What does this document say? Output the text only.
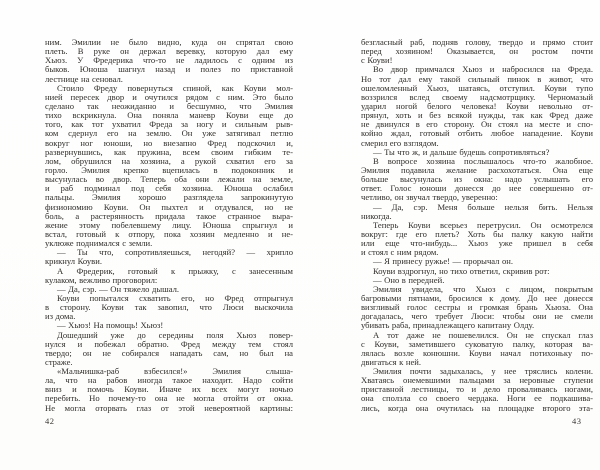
ним. Эмилии не было видно, куда он спрятал свою
плеть. В руке он держал веревку, которую дал ему
Хьюз. У Фредерика что-то не ладилось с одним из
быков. Юноша шагнул назад и полез по приставной
лестнице на сеновал.
Стоило Фреду повернуться спиной, как Коуви мол-
нией пересек двор и очутился рядом с ним. Это было
сделано так неожиданно и бесшумно, что Эмилия
тихо вскрикнула. Она поняла маневр Коуви еще до
того, как тот ухватил Фреда за ногу и сильным рыв-
ком сдернул его на землю. Он уже затягивал петлю
вокруг ног юноши, но внезапно Фред подскочил и,
развернувшись, как пружина, всем своим гибким те-
лом, обрушился на хозяина, а рукой схватил его за
горло. Эмилия крепко вцепилась в подоконник и
высунулась во двор. Теперь оба они лежали на земле,
и раб подминал под себя хозяина. Юноша ослабил
пальцы. Эмилия хорошо разглядела запрокинутую
физиономию Коуви. Он пыхтел и отдувался, но не
боль, а растерянность придала такое странное выра-
жение этому побелевшему лицу. Юноша спрыгнул и
встал, готовый к отпору, пока хозяин медленно и не-
уклюже поднимался с земли.
— Ты что, сопротивляешься, негодяй? — хрипло
крикнул Коуви.
А Фредерик, готовый к прыжку, с занесенным
кулаком, вежливо проговорил:
— Да, сэр. — Он тяжело дышал.
Коуви попытался схватить его, но Фред отпрыгнул
в сторону. Коуви так завопил, что Люси выскочила
из дома.
— Хьюз! На помощь! Хьюз!
Дошедший уже до середины поля Хьюз повер-
нулся и побежал обратно. Фред между тем стоял
твердо; он не собирался нападать сам, но был на
страже.
«Мальчишка-раб взбесился!» Эмилия слыша-
ла, что на рабов иногда такое находит. Надо сойти
вниз и помочь Коуви. Иначе их всех могут ночью
перебить. Но почему-то она не могла отойти от окна.
Не могла оторвать глаз от этой невероятной картины:
безгласный раб, подняв голову, твердо и прямо стоит
перед хозяином! Оказывается, он ростом почти
с Коуви!
Во двор примчался Хьюз и набросился на Фреда.
Но тот дал ему такой сильный пинок в живот, что
ошеломленный Хьюз, шатаясь, отступил. Коуви тупо
воззрился вслед своему надсмотрщику. Черномазый
ударил ногой белого человека! Коуви невольно от-
прянул, хоть и без всякой нужды, так как Фред даже
не двинулся в его сторону. Он стоял на месте и спо-
койно ждал, готовый отбить любое нападение. Коуви
смерил его взглядом.
— Ты что ж, и дальше будешь сопротивляться?
В вопросе хозяина послышалось что-то жалобное.
Эмилия подавила желание расхохотаться. Она еще
больше высунулась из окна: надо услышать его
ответ. Голос юноши донесся до нее совершенно от-
четливо, он звучал твердо, уверенно:
— Да, сэр. Меня больше нельзя бить. Нельзя
никогда.
Теперь Коуви всерьез перетрусил. Он осмотрелся
вокруг: где его плеть? Хоть бы палку какую найти
или еще что-нибудь... Хьюз уже пришел в себя
и стоял с ним рядом.
— Я принесу ружье! — прорычал он.
Коуви вздрогнул, но тихо ответил, скривив рот:
— Оно в передней.
Эмилия увидела, что Хьюз с лицом, покрытым
багровыми пятнами, бросился к дому. До нее донесся
визгливый голос сестры и громкая брань Хьюза. Она
догадалась, чего требует Люси: чтобы они не смели
убивать раба, принадлежащего капитану Олду.
А тот даже не пошевелился. Он не спускал глаз
с Коуви, заметившего суковатую палку, которая ва-
лялась возле конюшни. Коуви начал потихоньку по-
двигаться к ней.
Эмилия почти задыхалась, у нее тряслись колени.
Хватаясь онемевшими пальцами за неровные ступени
приставной лестницы, то и дело проваливаясь ногами,
она сползла со своего чердака. Ноги ее подкашива-
лись, когда она очутилась на площадке второго эта-
42	43
